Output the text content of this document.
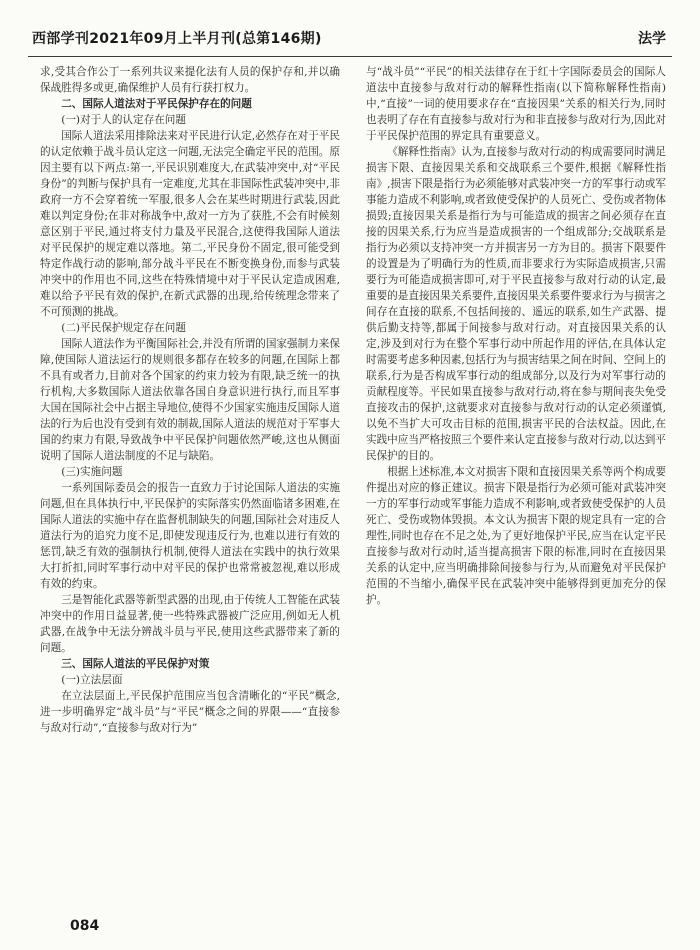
西部学刊2021年09月上半月刊(总第146期)	法学

求,受其合作公丁一系列共议来提化法有人员的保护存和,并以确保战胜得多或更,确保维护人员有行获打权力。

二、国际人道法对于平民保护存在的问题
(一)对于人的认定存在问题

国际人道法采用排除法来对平民进行认定,必然存在对于平民的认定依赖于战斗员认定这一问题,无法完全确定平民的范围。原因主要有以下两点:第一,平民识别难度大,在武装冲突中,对“平民身份”的判断与保护具有一定难度,尤其在非国际性武装冲突中,非政府一方不会穿着统一军服,很多人会在某些时期进行武装,因此难以判定身份;在非对称战争中,敌对一方为了获胜,不会有时候刻意区别于平民,通过将支付力量及平民混合,这使得我国际人道法对平民保护的规定难以落地。第二,平民身份不固定,很可能受到特定作战行动的影响,部分战斗平民在不断变换身份,而参与武装冲突中的作用也不同,这些在特殊情境中对于平民认定造成困难,难以给予平民有效的保护,在新式武器的出现,给传统理念带来了不可预测的挑战。

(二)平民保护规定存在问题

国际人道法作为平衡国际社会,并没有所谓的国家强制力来保障,使国际人道法运行的规则很多都存在较多的问题,在国际上都不具有或者力,目前对各个国家的约束力较为有限,缺乏统一的执行机构,大多数国际人道法依靠各国自身意识进行执行,而且军事大国在国际社会中占据主导地位,使得不少国家实施违反国际人道法的行为后也没有受到有效的制裁,国际人道法的规范对于军事大国的约束力有限,导致战争中平民保护问题依然严峻,这也从侧面说明了国际人道法制度的不足与缺陷。

(三)实施问题

一系列国际委员会的报告一直致力于讨论国际人道法的实施问题,但在具体执行中,平民保护的实际落实仍然面临诸多困难,在国际人道法的实施中存在监督机制缺失的问题,国际社会对违反人道法行为的追究力度不足,即使发现违反行为,也难以进行有效的惩罚,缺乏有效的强制执行机制,使得人道法在实践中的执行效果大打折扣,同时军事行动中对平民的保护也常常被忽视,难以形成有效的约束。

三是智能化武器等新型武器的出现,由于传统人工智能在武装冲突中的作用日益显著,使一些特殊武器被广泛应用,例如无人机武器,在战争中无法分辨战斗员与平民,使用这些武器带来了新的问题。

三、国际人道法的平民保护对策
(一)立法层面

在立法层面上,平民保护范围应当包含清晰化的“平民”概念,进一步明确界定“战斗员”与“平民”概念之间的界限——“直接参与敌对行动”,“直接参与敌对行为”

与“战斗员”“平民”的相关法律存在于红十字国际委员会的国际人道法中直接参与敌对行动的解释性指南(以下简称解释性指南)中,“直接”一词的使用要求存在“直接因果”关系的相关行为,同时也表明了存在有直接参与敌对行为和非直接参与敌对行为,因此对于平民保护范围的界定具有重要意义。

《解释性指南》认为,直接参与敌对行动的构成需要同时满足损害下限、直接因果关系和交战联系三个要件,根据《解释性指南》,损害下限是指行为必须能够对武装冲突一方的军事行动或军事能力造成不利影响,或者致使受保护的人员死亡、受伤或者物体损毁;直接因果关系是指行为与可能造成的损害之间必须存在直接的因果关系,行为应当是造成损害的一个组成部分;交战联系是指行为必须以支持冲突一方并损害另一方为目的。损害下限要件的设置是为了明确行为的性质,而非要求行为实际造成损害,只需要行为可能造成损害即可,对于平民直接参与敌对行动的认定,最重要的是直接因果关系要件,直接因果关系要件要求行为与损害之间存在直接的联系,不包括间接的、遥远的联系,如生产武器、提供后勤支持等,都属于间接参与敌对行动。对直接因果关系的认定,涉及到对行为在整个军事行动中所起作用的评估,在具体认定时需要考虑多种因素,包括行为与损害结果之间在时间、空间上的联系,行为是否构成军事行动的组成部分,以及行为对军事行动的贡献程度等。平民如果直接参与敌对行动,将在参与期间丧失免受直接攻击的保护,这就要求对直接参与敌对行动的认定必须谨慎,以免不当扩大可攻击目标的范围,损害平民的合法权益。因此,在实践中应当严格按照三个要件来认定直接参与敌对行动,以达到平民保护的目的。

根据上述标准,本文对损害下限和直接因果关系等两个构成要件提出对应的修正建议。损害下限是指行为必须可能对武装冲突一方的军事行动或军事能力造成不利影响,或者致使受保护的人员死亡、受伤或物体毁损。本文认为损害下限的规定具有一定的合理性,同时也存在不足之处,为了更好地保护平民,应当在认定平民直接参与敌对行动时,适当提高损害下限的标准,同时在直接因果关系的认定中,应当明确排除间接参与行为,从而避免对平民保护范围的不当缩小,确保平民在武装冲突中能够得到更加充分的保护。

084
